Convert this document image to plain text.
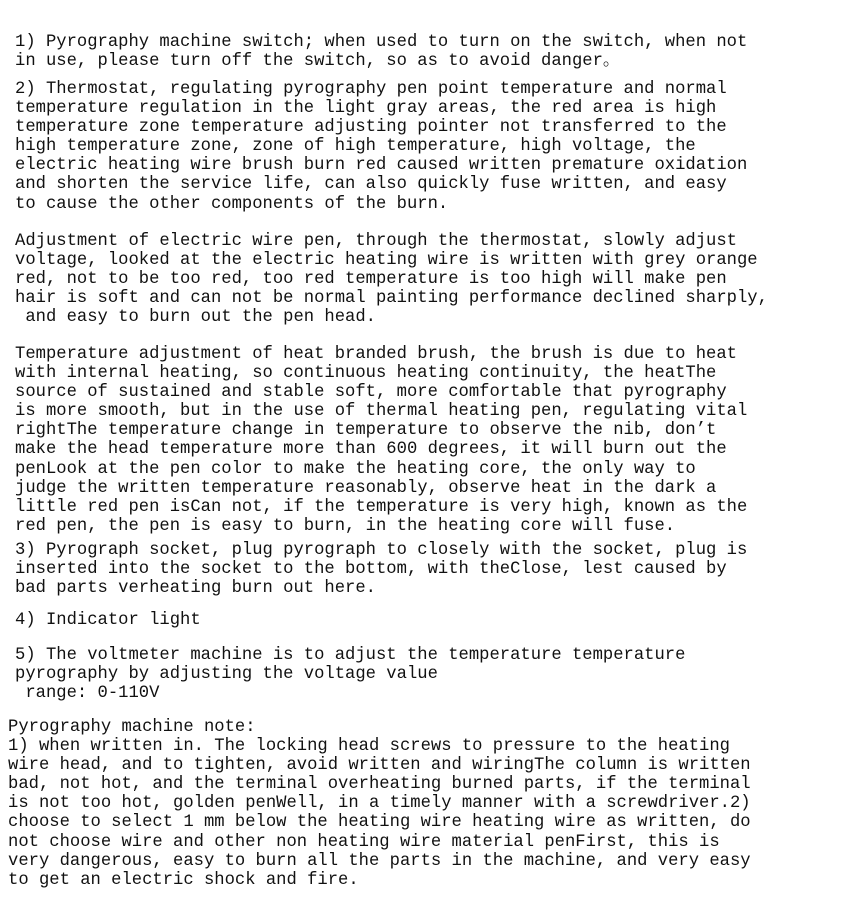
1) Pyrography machine switch; when used to turn on the switch, when not
in use, please turn off the switch, so as to avoid danger。
2) Thermostat, regulating pyrography pen point temperature and normal
temperature regulation in the light gray areas, the red area is high
temperature zone temperature adjusting pointer not transferred to the
high temperature zone, zone of high temperature, high voltage, the
electric heating wire brush burn red caused written premature oxidation
and shorten the service life, can also quickly fuse written, and easy
to cause the other components of the burn.
Adjustment of electric wire pen, through the thermostat, slowly adjust
voltage, looked at the electric heating wire is written with grey orange
red, not to be too red, too red temperature is too high will make pen
hair is soft and can not be normal painting performance declined sharply,
and easy to burn out the pen head.
Temperature adjustment of heat branded brush, the brush is due to heat
with internal heating, so continuous heating continuity, the heatThe
source of sustained and stable soft, more comfortable that pyrography
is more smooth, but in the use of thermal heating pen, regulating vital
rightThe temperature change in temperature to observe the nib, don’t
make the head temperature more than 600 degrees, it will burn out the
penLook at the pen color to make the heating core, the only way to
judge the written temperature reasonably, observe heat in the dark a
little red pen isCan not, if the temperature is very high, known as the
red pen, the pen is easy to burn, in the heating core will fuse.
3) Pyrograph socket, plug pyrograph to closely with the socket, plug is
inserted into the socket to the bottom, with theClose, lest caused by
bad parts verheating burn out here.
4) Indicator light
5) The voltmeter machine is to adjust the temperature temperature
pyrography by adjusting the voltage value
range: 0-110V
Pyrography machine note:
1) when written in. The locking head screws to pressure to the heating
wire head, and to tighten, avoid written and wiringThe column is written
bad, not hot, and the terminal overheating burned parts, if the terminal
is not too hot, golden penWell, in a timely manner with a screwdriver.2)
choose to select 1 mm below the heating wire heating wire as written, do
not choose wire and other non heating wire material penFirst, this is
very dangerous, easy to burn all the parts in the machine, and very easy
to get an electric shock and fire.
